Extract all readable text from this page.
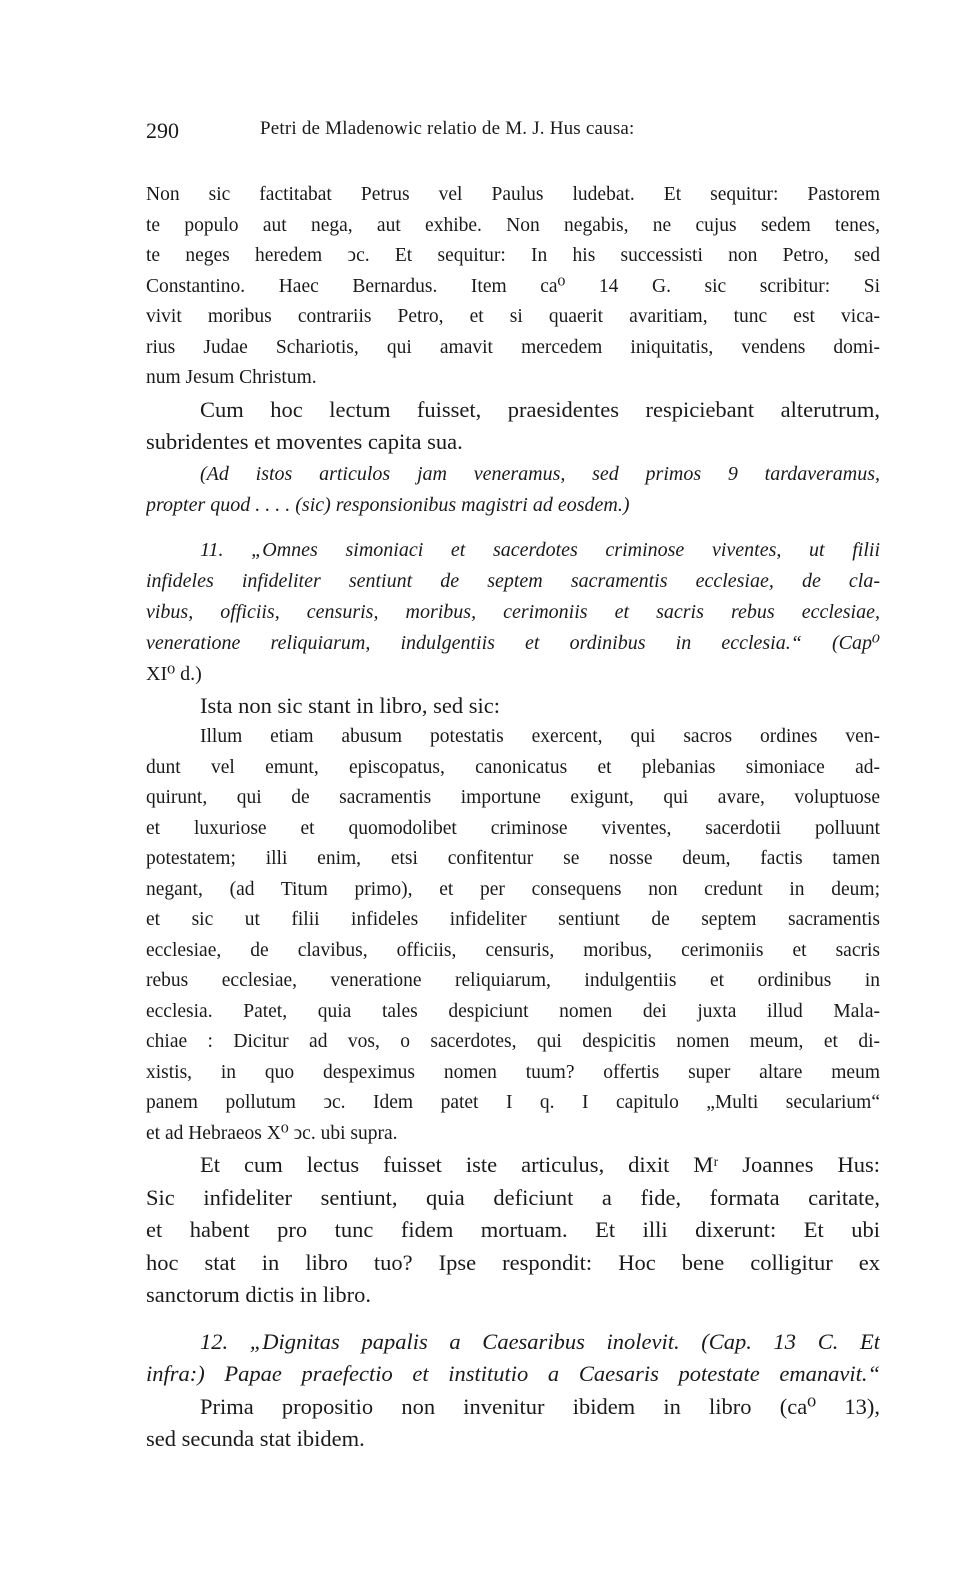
290	Petri de Mladenowic relatio de M. J. Hus causa:
Non sic factitabat Petrus vel Paulus ludebat. Et sequitur: Pastorem
te populo aut nega, aut exhibe. Non negabis, ne cujus sedem tenes,
te neges heredem ↄc. Et sequitur: In his successisti non Petro, sed
Constantino. Haec Bernardus. Item ca⁰ 14 G. sic scribitur: Si
vivit moribus contrariis Petro, et si quaerit avaritiam, tunc est vica-
rius Judae Schariotis, qui amavit mercedem iniquitatis, vendens domi-
num Jesum Christum.
Cum hoc lectum fuisset, praesidentes respiciebant alterutrum,
subridentes et moventes capita sua.
(Ad istos articulos jam veneramus, sed primos 9 tardaveramus,
propter quod . . . . (sic) responsionibus magistri ad eosdem.)
11. „Omnes simoniaci et sacerdotes criminose viventes, ut filii
infideles infideliter sentiunt de septem sacramentis ecclesiae, de cla-
vibus, officiis, censuris, moribus, cerimoniis et sacris rebus ecclesiae,
veneratione reliquiarum, indulgentiis et ordinibus in ecclesia.“ (Cap⁰
XI⁰ d.)
Ista non sic stant in libro, sed sic:
Illum etiam abusum potestatis exercent, qui sacros ordines ven-
dunt vel emunt, episcopatus, canonicatus et plebanias simoniace ad-
quirunt, qui de sacramentis importune exigunt, qui avare, voluptuose
et luxuriose et quomodolibet criminose viventes, sacerdotii polluunt
potestatem; illi enim, etsi confitentur se nosse deum, factis tamen
negant, (ad Titum primo), et per consequens non credunt in deum;
et sic ut filii infideles infideliter sentiunt de septem sacramentis
ecclesiae, de clavibus, officiis, censuris, moribus, cerimoniis et sacris
rebus ecclesiae, veneratione reliquiarum, indulgentiis et ordinibus in
ecclesia. Patet, quia tales despiciunt nomen dei juxta illud Mala-
chiae : Dicitur ad vos, o sacerdotes, qui despicitis nomen meum, et di-
xistis, in quo despeximus nomen tuum? offertis super altare meum
panem pollutum ↄc. Idem patet I q. I capitulo „Multi secularium“
et ad Hebraeos X⁰ ↄc. ubi supra.
Et cum lectus fuisset iste articulus, dixit Mʳ Joannes Hus:
Sic infideliter sentiunt, quia deficiunt a fide, formata caritate,
et habent pro tunc fidem mortuam. Et illi dixerunt: Et ubi
hoc stat in libro tuo? Ipse respondit: Hoc bene colligitur ex
sanctorum dictis in libro.
12. „Dignitas papalis a Caesaribus inolevit. (Cap. 13 C. Et
infra:) Papae praefectio et institutio a Caesaris potestate emanavit.“
Prima propositio non invenitur ibidem in libro (ca⁰ 13),
sed secunda stat ibidem.
